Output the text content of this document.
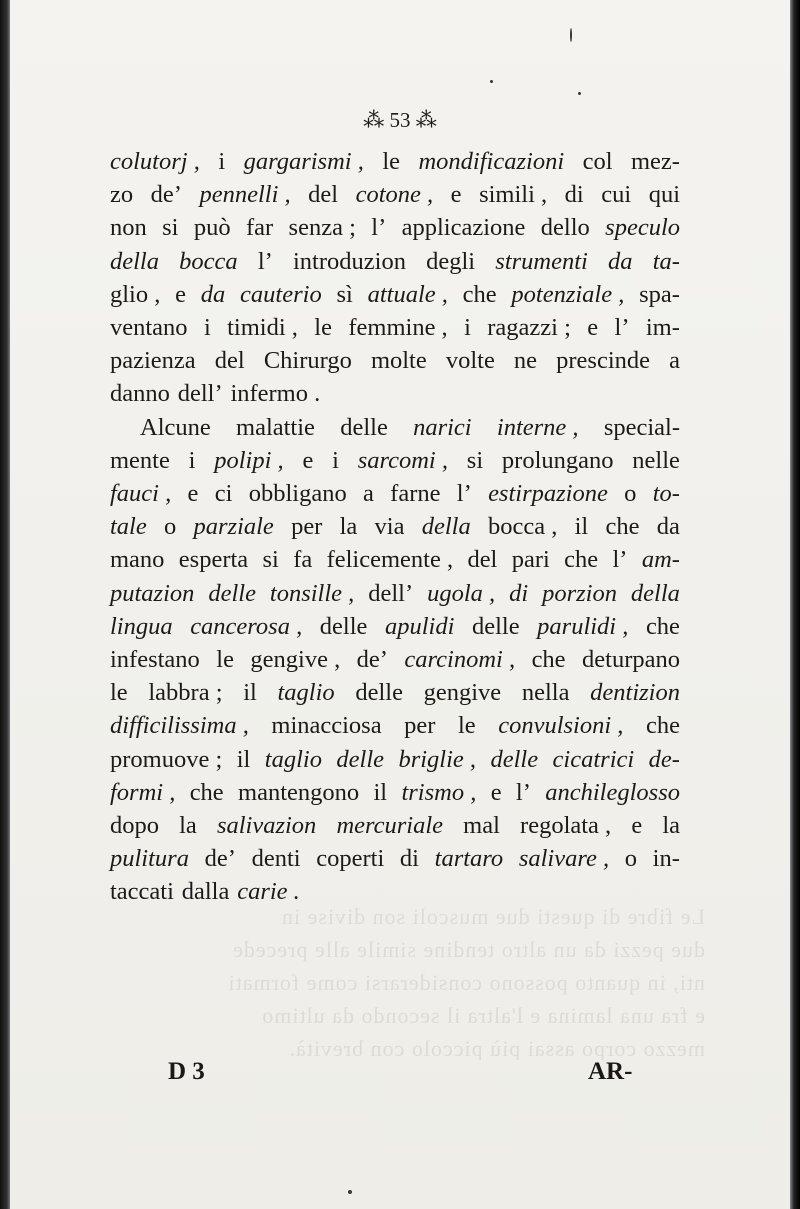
Le fibre di questi due muscoli son divise in
due pezzi da un altro tendine simile alle precede
nti, in quanto possono considerarsi come formati
e fra una lamina e l'altra il secondo da ultimo
mezzo corpo assai più piccolo con brevità.
⁂ 53 ⁂
colutorj , i gargarismi , le mondificazioni col mez-
zo de’ pennelli , del cotone , e simili , di cui qui
non si può far senza ; l’ applicazione dello speculo
della bocca l’ introduzion degli strumenti da ta-
glio , e da cauterio sì attuale , che potenziale , spa-
ventano i timidi , le femmine , i ragazzi ; e l’ im-
pazienza del Chirurgo molte volte ne prescinde a
danno dell’ infermo .
Alcune malattie delle narici interne , special-
mente i polipi , e i sarcomi , si prolungano nelle
fauci , e ci obbligano a farne l’ estirpazione o to-
tale o parziale per la via della bocca , il che da
mano esperta si fa felicemente , del pari che l’ am-
putazion delle tonsille , dell’ ugola , di porzion della
lingua cancerosa , delle apulidi delle parulidi , che
infestano le gengive , de’ carcinomi , che deturpano
le labbra ; il taglio delle gengive nella dentizion
difficilissima , minacciosa per le convulsioni , che
promuove ; il taglio delle briglie , delle cicatrici de-
formi , che mantengono il trismo , e l’ anchileglosso
dopo la salivazion mercuriale mal regolata , e la
pulitura de’ denti coperti di tartaro salivare , o in-
taccati dalla carie .
D 3	AR-
